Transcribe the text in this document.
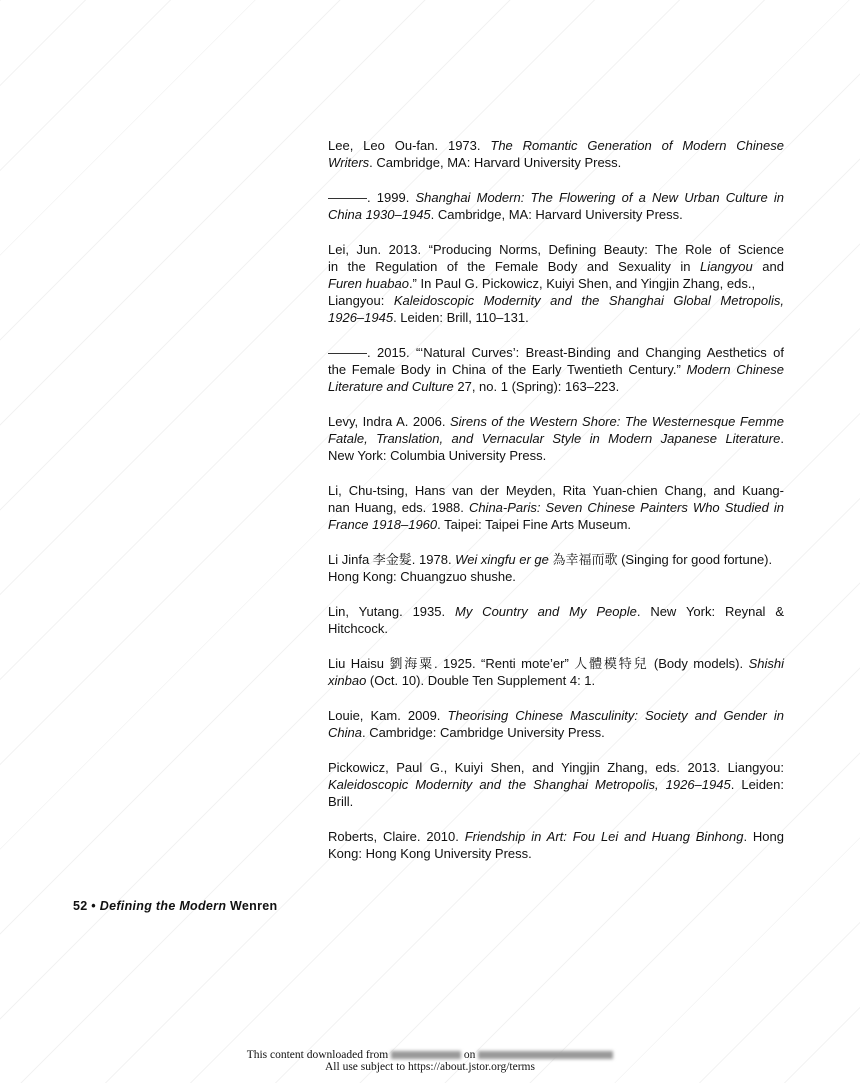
Lee, Leo Ou-fan. 1973. The Romantic Generation of Modern Chinese
Writers. Cambridge, MA: Harvard University Press.
———. 1999. Shanghai Modern: The Flowering of a New Urban Culture in
China 1930–1945. Cambridge, MA: Harvard University Press.
Lei, Jun. 2013. “Producing Norms, Defining Beauty: The Role of Science
in the Regulation of the Female Body and Sexuality in Liangyou and
Furen huabao.” In Paul G. Pickowicz, Kuiyi Shen, and Yingjin Zhang, eds.,
Liangyou: Kaleidoscopic Modernity and the Shanghai Global Metropolis,
1926–1945. Leiden: Brill, 110–131.
———. 2015. “‘Natural Curves’: Breast-Binding and Changing Aesthetics of
the Female Body in China of the Early Twentieth Century.” Modern Chinese
Literature and Culture 27, no. 1 (Spring): 163–223.
Levy, Indra A. 2006. Sirens of the Western Shore: The Westernesque Femme
Fatale, Translation, and Vernacular Style in Modern Japanese Literature.
New York: Columbia University Press.
Li, Chu-tsing, Hans van der Meyden, Rita Yuan-chien Chang, and Kuang-
nan Huang, eds. 1988. China-Paris: Seven Chinese Painters Who Studied in
France 1918–1960. Taipei: Taipei Fine Arts Museum.
Li Jinfa 李金髮. 1978. Wei xingfu er ge 為幸福而歌 (Singing for good fortune).
Hong Kong: Chuangzuo shushe.
Lin, Yutang. 1935. My Country and My People. New York: Reynal &
Hitchcock.
Liu Haisu 劉海粟. 1925. “Renti mote’er” 人體模特兒 (Body models). Shishi
xinbao (Oct. 10). Double Ten Supplement 4: 1.
Louie, Kam. 2009. Theorising Chinese Masculinity: Society and Gender in
China. Cambridge: Cambridge University Press.
Pickowicz, Paul G., Kuiyi Shen, and Yingjin Zhang, eds. 2013. Liangyou:
Kaleidoscopic Modernity and the Shanghai Metropolis, 1926–1945. Leiden:
Brill.
Roberts, Claire. 2010. Friendship in Art: Fou Lei and Huang Binhong. Hong
Kong: Hong Kong University Press.
52 • Defining the Modern Wenren
This content downloaded from	on
All use subject to https://about.jstor.org/terms
